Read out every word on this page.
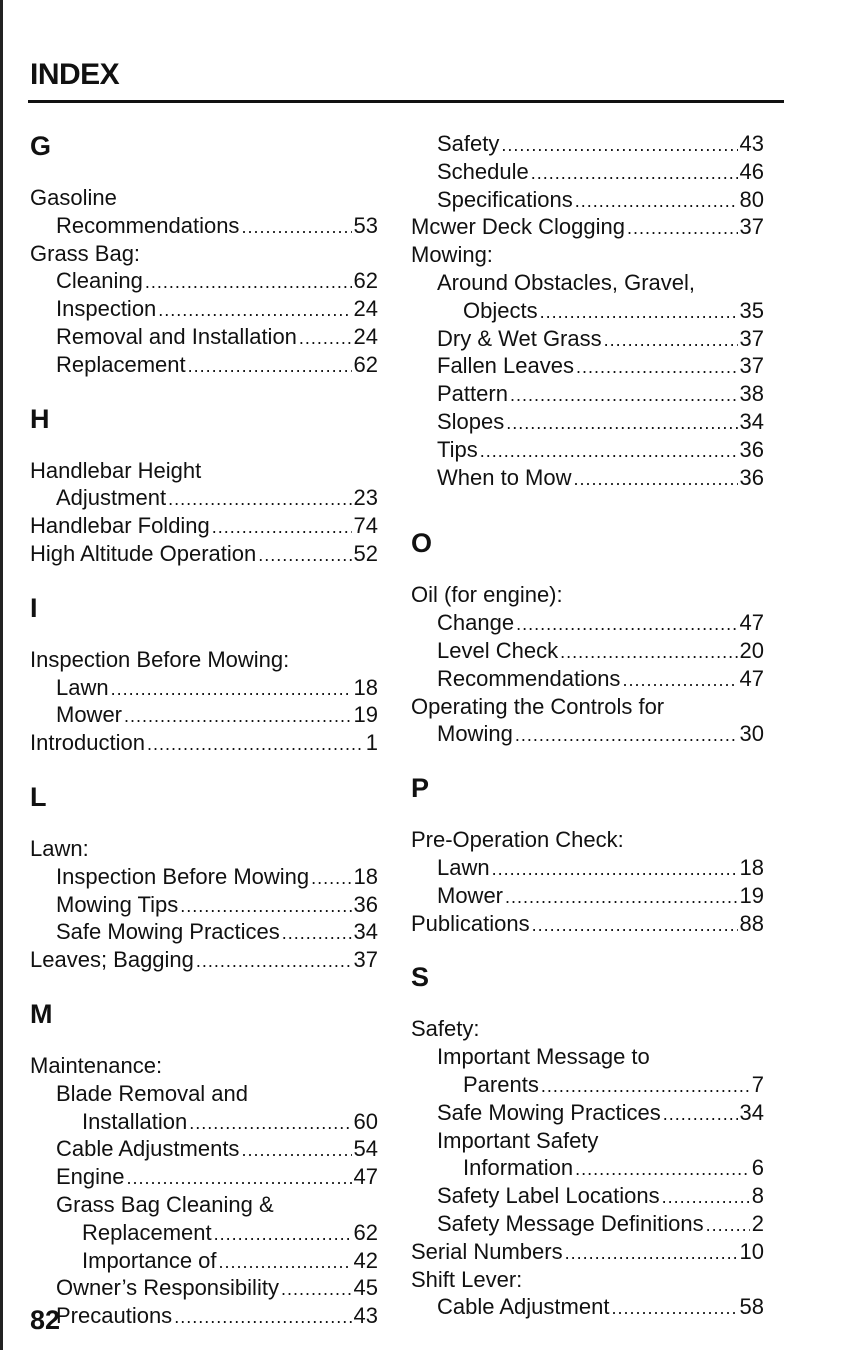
INDEX
G
Gasoline
Recommendations .....	53
Grass Bag:
Cleaning .....	62
Inspection .....	24
Removal and Installation .....	24
Replacement .....	62
H
Handlebar Height
Adjustment .....	23
Handlebar Folding .....	74
High Altitude Operation .....	52
I
Inspection Before Mowing:
Lawn .....	18
Mower .....	19
Introduction .....	1
L
Lawn:
Inspection Before Mowing ..... 18
Mowing Tips .....	36
Safe Mowing Practices .....	34
Leaves; Bagging .....	37
M
Maintenance:
Blade Removal and
Installation .....	60
Cable Adjustments .....	54
Engine .....	47
Grass Bag Cleaning &
Replacement .....	62
Importance of .....	42
Owner’s Responsibility .....	45
Precautions .....	43
Safety .....	43
Schedule .....	46
Specifications .....	80
Mcwer Deck Clogging .....	37
Mowing:
Around Obstacles, Gravel,
Objects .....	35
Dry & Wet Grass .....	37
Fallen Leaves .....	37
Pattern .....	38
Slopes .....	34
Tips .....	36
When to Mow .....	36
O
Oil (for engine):
Change .....	47
Level Check .....	20
Recommendations .....	47
Operating the Controls for
Mowing .....	30
P
Pre-Operation Check:
Lawn .....	18
Mower .....	19
Publications .....	88
S
Safety:
Important Message to
Parents .....	7
Safe Mowing Practices .....	34
Important Safety
Information .....	6
Safety Label Locations .....	8
Safety Message Definitions ..... 2
Serial Numbers .....	10
Shift Lever:
Cable Adjustment .....	58
82
